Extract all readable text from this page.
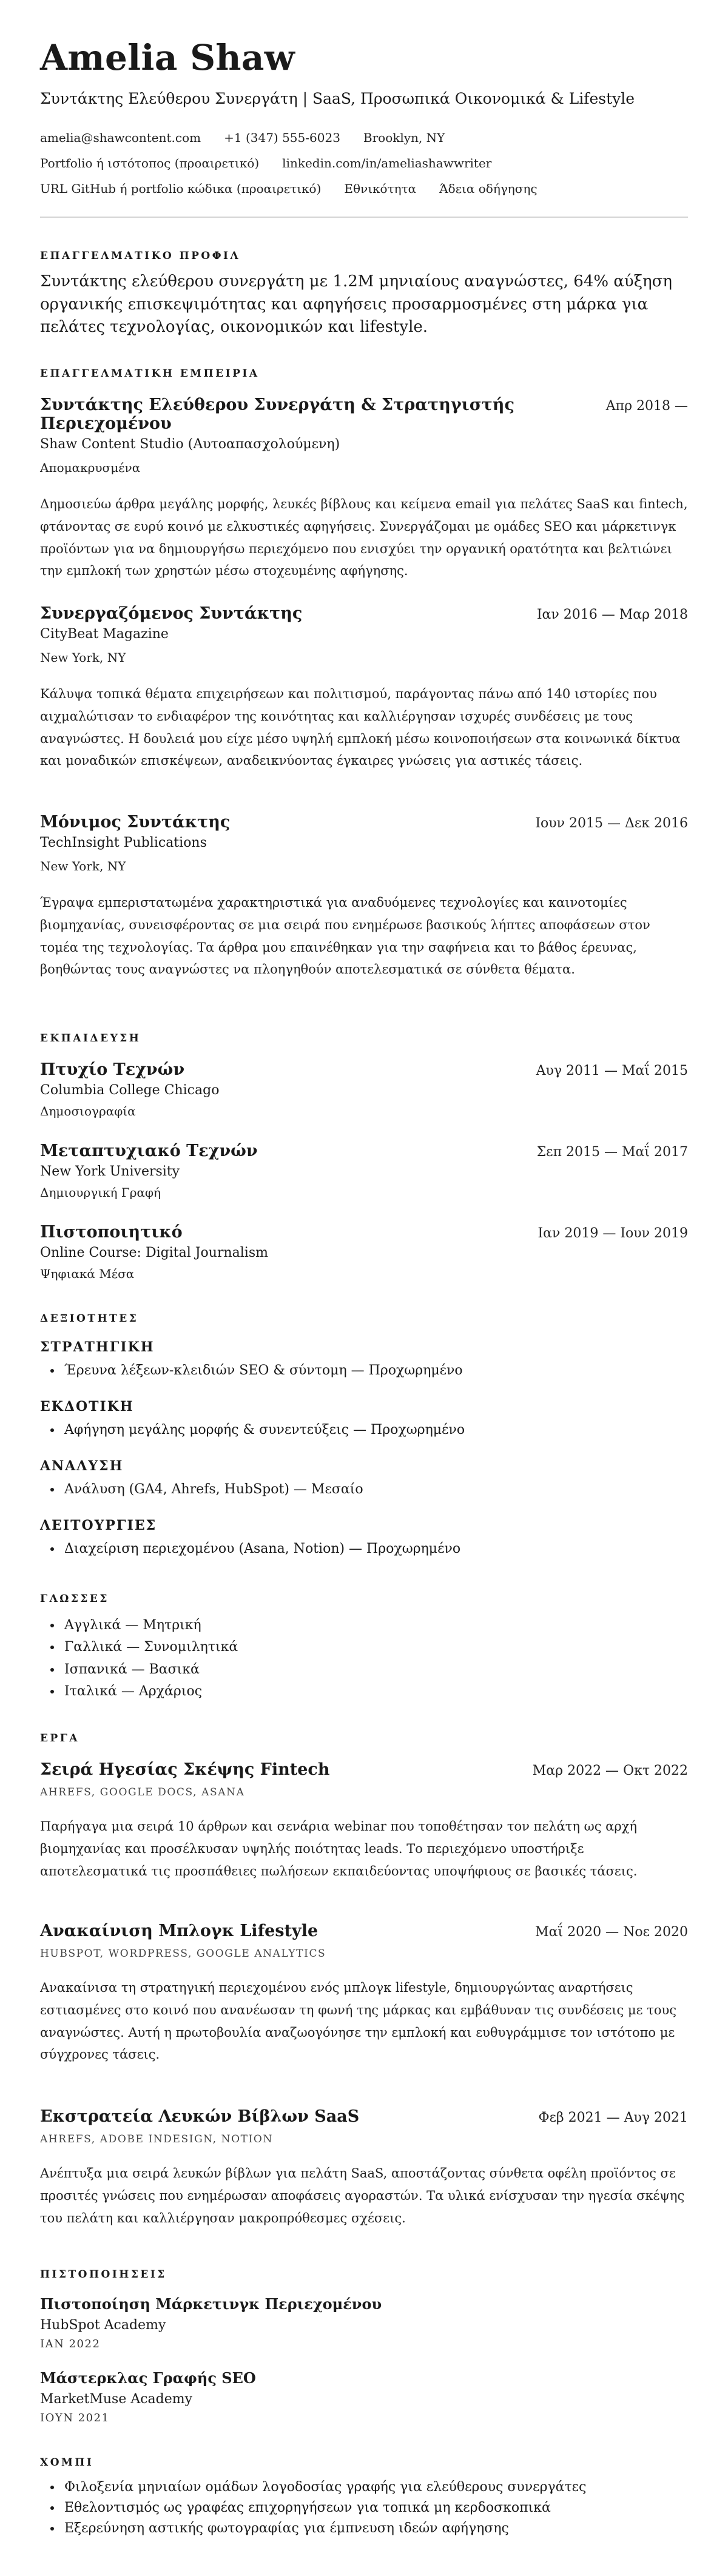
Amelia Shaw
Συντάκτης Ελεύθερου Συνεργάτη | SaaS, Προσωπικά Οικονομικά & Lifestyle
amelia@shawcontent.com +1 (347) 555-6023 Brooklyn, NY
Portfolio ή ιστότοπος (προαιρετικό) linkedin.com/in/ameliashawwriter
URL GitHub ή portfolio κώδικα (προαιρετικό) Εθνικότητα Άδεια οδήγησης
ΕΠΑΓΓΕΛΜΑΤΙΚΟ ΠΡΟΦΙΛ
Συντάκτης ελεύθερου συνεργάτη με 1.2M μηνιαίους αναγνώστες, 64% αύξηση οργανικής επισκεψιμότητας και αφηγήσεις προσαρμοσμένες στη μάρκα για πελάτες τεχνολογίας, οικονομικών και lifestyle.
ΕΠΑΓΓΕΛΜΑΤΙΚΗ ΕΜΠΕΙΡΙΑ
Συντάκτης Ελεύθερου Συνεργάτη & Στρατηγιστής Περιεχομένου
Απρ 2018 —
Shaw Content Studio (Αυτοαπασχολούμενη)
Απομακρυσμένα
Δημοσιεύω άρθρα μεγάλης μορφής, λευκές βίβλους και κείμενα email για πελάτες SaaS και fintech, φτάνοντας σε ευρύ κοινό με ελκυστικές αφηγήσεις. Συνεργάζομαι με ομάδες SEO και μάρκετινγκ προϊόντων για να δημιουργήσω περιεχόμενο που ενισχύει την οργανική ορατότητα και βελτιώνει την εμπλοκή των χρηστών μέσω στοχευμένης αφήγησης.
Συνεργαζόμενος Συντάκτης	Ιαν 2016 — Μαρ 2018
CityBeat Magazine
New York, NY
Κάλυψα τοπικά θέματα επιχειρήσεων και πολιτισμού, παράγοντας πάνω από 140 ιστορίες που αιχμαλώτισαν το ενδιαφέρον της κοινότητας και καλλιέργησαν ισχυρές συνδέσεις με τους αναγνώστες. Η δουλειά μου είχε μέσο υψηλή εμπλοκή μέσω κοινοποιήσεων στα κοινωνικά δίκτυα και μοναδικών επισκέψεων, αναδεικνύοντας έγκαιρες γνώσεις για αστικές τάσεις.
Μόνιμος Συντάκτης	Ιουν 2015 — Δεκ 2016
TechInsight Publications
New York, NY
Έγραψα εμπεριστατωμένα χαρακτηριστικά για αναδυόμενες τεχνολογίες και καινοτομίες βιομηχανίας, συνεισφέροντας σε μια σειρά που ενημέρωσε βασικούς λήπτες αποφάσεων στον τομέα της τεχνολογίας. Τα άρθρα μου επαινέθηκαν για την σαφήνεια και το βάθος έρευνας, βοηθώντας τους αναγνώστες να πλοηγηθούν αποτελεσματικά σε σύνθετα θέματα.
ΕΚΠΑΙΔΕΥΣΗ
Πτυχίο Τεχνών	Αυγ 2011 — Μαΐ 2015
Columbia College Chicago
Δημοσιογραφία
Μεταπτυχιακό Τεχνών	Σεπ 2015 — Μαΐ 2017
New York University
Δημιουργική Γραφή
Πιστοποιητικό	Ιαν 2019 — Ιουν 2019
Online Course: Digital Journalism
Ψηφιακά Μέσα
ΔΕΞΙΟΤΗΤΕΣ
ΣΤΡΑΤΗΓΙΚΗ
• Έρευνα λέξεων-κλειδιών SEO & σύντομη — Προχωρημένο
ΕΚΔΟΤΙΚΗ
• Αφήγηση μεγάλης μορφής & συνεντεύξεις — Προχωρημένο
ΑΝΑΛΥΣΗ
• Ανάλυση (GA4, Ahrefs, HubSpot) — Μεσαίο
ΛΕΙΤΟΥΡΓΙΕΣ
• Διαχείριση περιεχομένου (Asana, Notion) — Προχωρημένο
ΓΛΩΣΣΕΣ
• Αγγλικά — Μητρική
• Γαλλικά — Συνομιλητικά
• Ισπανικά — Βασικά
• Ιταλικά — Αρχάριος
ΕΡΓΑ
Σειρά Ηγεσίας Σκέψης Fintech	Μαρ 2022 — Οκτ 2022
AHREFS, GOOGLE DOCS, ASANA
Παρήγαγα μια σειρά 10 άρθρων και σενάρια webinar που τοποθέτησαν τον πελάτη ως αρχή βιομηχανίας και προσέλκυσαν υψηλής ποιότητας leads. Το περιεχόμενο υποστήριξε αποτελεσματικά τις προσπάθειες πωλήσεων εκπαιδεύοντας υποψήφιους σε βασικές τάσεις.
Ανακαίνιση Μπλογκ Lifestyle	Μαΐ 2020 — Νοε 2020
HUBSPOT, WORDPRESS, GOOGLE ANALYTICS
Ανακαίνισα τη στρατηγική περιεχομένου ενός μπλογκ lifestyle, δημιουργώντας αναρτήσεις εστιασμένες στο κοινό που ανανέωσαν τη φωνή της μάρκας και εμβάθυναν τις συνδέσεις με τους αναγνώστες. Αυτή η πρωτοβουλία αναζωογόνησε την εμπλοκή και ευθυγράμμισε τον ιστότοπο με σύγχρονες τάσεις.
Εκστρατεία Λευκών Βίβλων SaaS	Φεβ 2021 — Αυγ 2021
AHREFS, ADOBE INDESIGN, NOTION
Ανέπτυξα μια σειρά λευκών βίβλων για πελάτη SaaS, αποστάζοντας σύνθετα οφέλη προϊόντος σε προσιτές γνώσεις που ενημέρωσαν αποφάσεις αγοραστών. Τα υλικά ενίσχυσαν την ηγεσία σκέψης του πελάτη και καλλιέργησαν μακροπρόθεσμες σχέσεις.
ΠΙΣΤΟΠΟΙΗΣΕΙΣ
Πιστοποίηση Μάρκετινγκ Περιεχομένου
HubSpot Academy
ΙΑΝ 2022
Μάστερκλας Γραφής SEO
MarketMuse Academy
ΙΟΥΝ 2021
ΧΟΜΠΙ
• Φιλοξενία μηνιαίων ομάδων λογοδοσίας γραφής για ελεύθερους συνεργάτες
• Εθελοντισμός ως γραφέας επιχορηγήσεων για τοπικά μη κερδοσκοπικά
• Εξερεύνηση αστικής φωτογραφίας για έμπνευση ιδεών αφήγησης
